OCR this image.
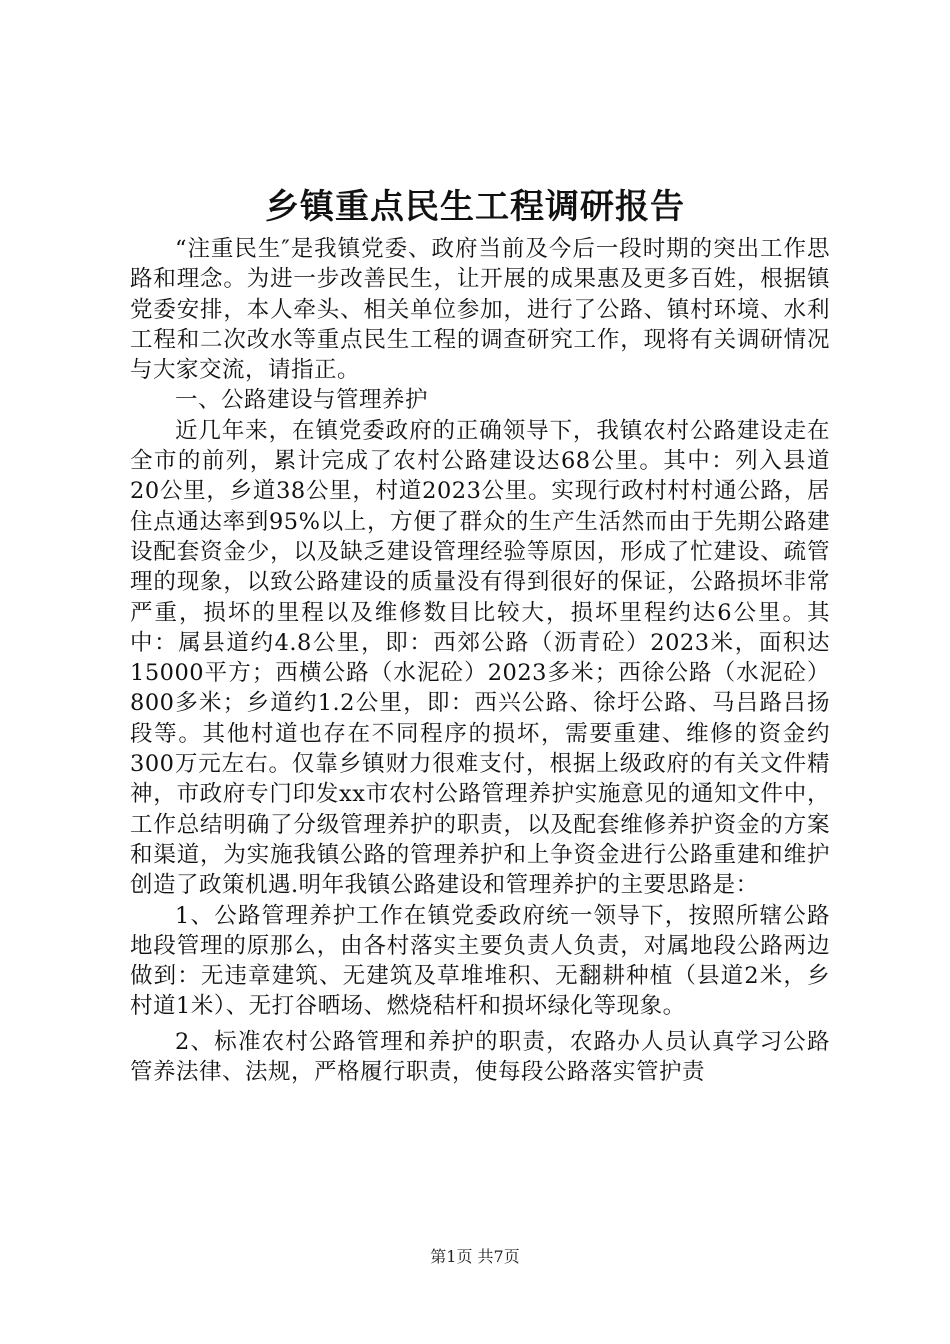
乡镇重点民生工程调研报告

“注重民生″是我镇党委、政府当前及今后一段时期的突出工作思路和理念。为进一步改善民生，让开展的成果惠及更多百姓，根据镇党委安排，本人牵头、相关单位参加，进行了公路、镇村环境、水利工程和二次改水等重点民生工程的调查研究工作，现将有关调研情况与大家交流，请指正。

一、公路建设与管理养护

近几年来，在镇党委政府的正确领导下，我镇农村公路建设走在全市的前列，累计完成了农村公路建设达68公里。其中：列入县道20公里，乡道38公里，村道2023公里。实现行政村村村通公路，居住点通达率到95%以上，方便了群众的生产生活然而由于先期公路建设配套资金少，以及缺乏建设管理经验等原因，形成了忙建设、疏管理的现象，以致公路建设的质量没有得到很好的保证，公路损坏非常严重，损坏的里程以及维修数目比较大，损坏里程约达6公里。其中：属县道约4.8公里，即：西郊公路（沥青砼）2023米，面积达15000平方；西横公路（水泥砼）2023多米；西徐公路（水泥砼）800多米；乡道约1.2公里，即：西兴公路、徐圩公路、马吕路吕扬段等。其他村道也存在不同程序的损坏，需要重建、维修的资金约300万元左右。仅靠乡镇财力很难支付，根据上级政府的有关文件精神，市政府专门印发xx市农村公路管理养护实施意见的通知文件中，工作总结明确了分级管理养护的职责，以及配套维修养护资金的方案和渠道，为实施我镇公路的管理养护和上争资金进行公路重建和维护创造了政策机遇.明年我镇公路建设和管理养护的主要思路是：

1、公路管理养护工作在镇党委政府统一领导下，按照所辖公路地段管理的原那么，由各村落实主要负责人负责，对属地段公路两边做到：无违章建筑、无建筑及草堆堆积、无翻耕种植（县道2米，乡村道1米）、无打谷晒场、燃烧秸杆和损坏绿化等现象。

2、标准农村公路管理和养护的职责，农路办人员认真学习公路管养法律、法规，严格履行职责，使每段公路落实管护责

第1页 共7页
